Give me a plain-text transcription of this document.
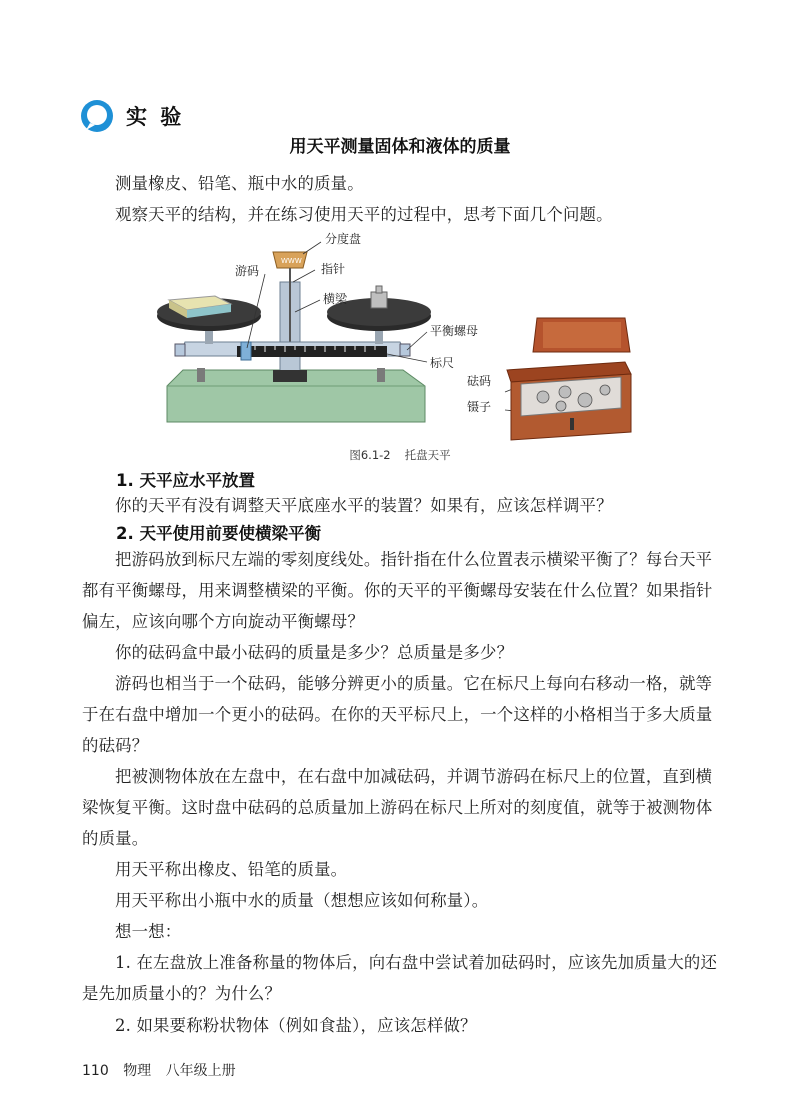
实 验
用天平测量固体和液体的质量

测量橡皮、铅笔、瓶中水的质量。

观察天平的结构，并在练习使用天平的过程中，思考下面几个问题。

WWW
分度盘
游码	指针
横梁
平衡螺母
标尺
砝码
镊子
图6.1-2 托盘天平
1. 天平应水平放置

你的天平有没有调整天平底座水平的装置？如果有，应该怎样调平？

2. 天平使用前要使横梁平衡

把游码放到标尺左端的零刻度线处。指针指在什么位置表示横梁平衡了？每台天平都有平衡螺母，用来调整横梁的平衡。你的天平的平衡螺母安装在什么位置？如果指针偏左，应该向哪个方向旋动平衡螺母？

你的砝码盒中最小砝码的质量是多少？总质量是多少？

游码也相当于一个砝码，能够分辨更小的质量。它在标尺上每向右移动一格，就等于在右盘中增加一个更小的砝码。在你的天平标尺上，一个这样的小格相当于多大质量的砝码？

把被测物体放在左盘中，在右盘中加减砝码，并调节游码在标尺上的位置，直到横梁恢复平衡。这时盘中砝码的总质量加上游码在标尺上所对的刻度值，就等于被测物体的质量。

用天平称出橡皮、铅笔的质量。

用天平称出小瓶中水的质量（想想应该如何称量）。

想一想：

1. 在左盘放上准备称量的物体后，向右盘中尝试着加砝码时，应该先加质量大的还是先加质量小的？为什么？

110 物理 八年级上册

2. 如果要称粉状物体（例如食盐），应该怎样做？
